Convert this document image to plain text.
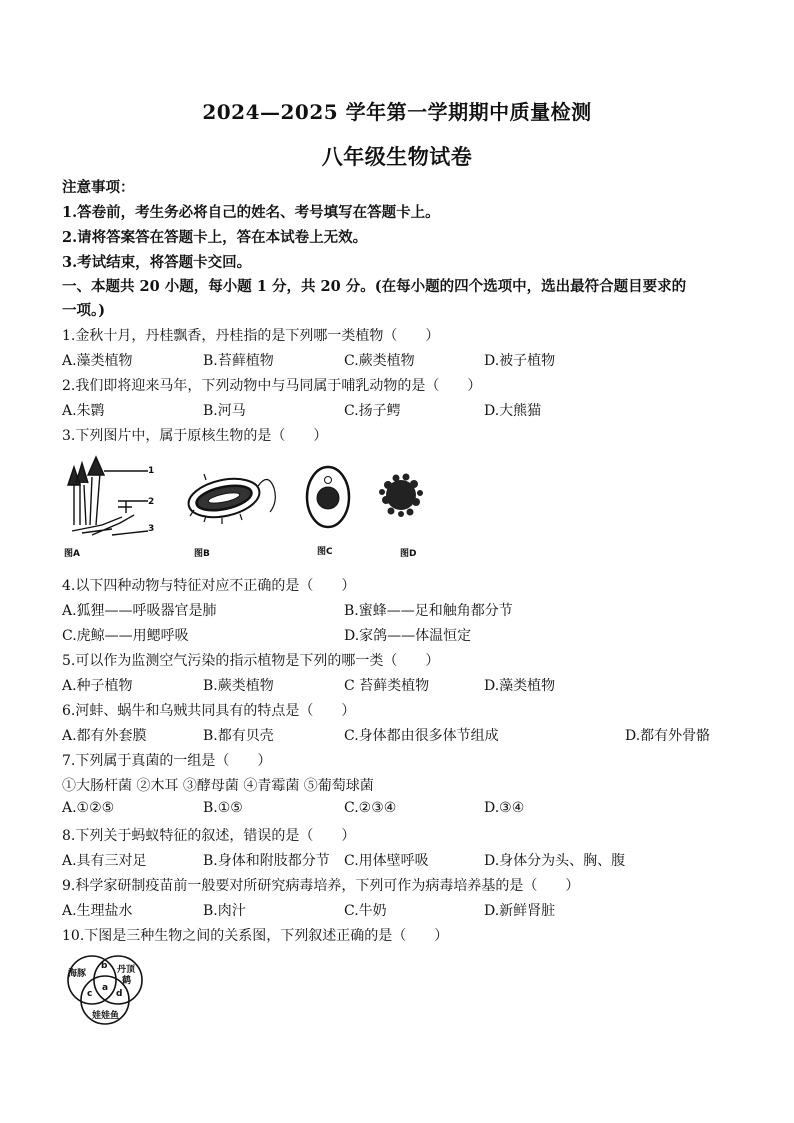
2024—2025 学年第一学期期中质量检测
八年级生物试卷
注意事项：
1.答卷前，考生务必将自己的姓名、考号填写在答题卡上。
2.请将答案答在答题卡上，答在本试卷上无效。
3.考试结束，将答题卡交回。
一、本题共 20 小题，每小题 1 分，共 20 分。(在每小题的四个选项中，选出最符合题目要求的
一项。)
1.金秋十月，丹桂飘香，丹桂指的是下列哪一类植物（　　）
A.藻类植物	B.苔藓植物	C.蕨类植物	D.被子植物
2.我们即将迎来马年，下列动物中与马同属于哺乳动物的是（　　）
A.朱鹮	B.河马	C.扬子鳄	D.大熊猫
3.下列图片中，属于原核生物的是（　　）
1
2
3
图A	图B	图C	图D
4.以下四种动物与特征对应不正确的是（　　）
A.狐狸——呼吸器官是肺	B.蜜蜂——足和触角都分节
C.虎鲸——用鳃呼吸	D.家鸽——体温恒定
5.可以作为监测空气污染的指示植物是下列的哪一类（　　）
A.种子植物	B.蕨类植物	C 苔藓类植物	D.藻类植物
6.河蚌、蜗牛和乌贼共同具有的特点是（　　）
A.都有外套膜	B.都有贝壳	C.身体都由很多体节组成	D.都有外骨骼
7.下列属于真菌的一组是（　　）
①大肠杆菌 ②木耳 ③酵母菌 ④青霉菌 ⑤葡萄球菌
A.①②⑤	B.①⑤	C.②③④	D.③④
8.下列关于蚂蚁特征的叙述，错误的是（　　）
A.具有三对足	B.身体和附肢都分节 C.用体壁呼吸	D.身体分为头、胸、腹
9.科学家研制疫苗前一般要对所研究病毒培养，下列可作为病毒培养基的是（　　）
A.生理盐水	B.肉汁	C.牛奶	D.新鲜肾脏
10.下图是三种生物之间的关系图，下列叙述正确的是（　　）
海豚	丹顶
鹤
b
a
c	d
娃娃鱼
